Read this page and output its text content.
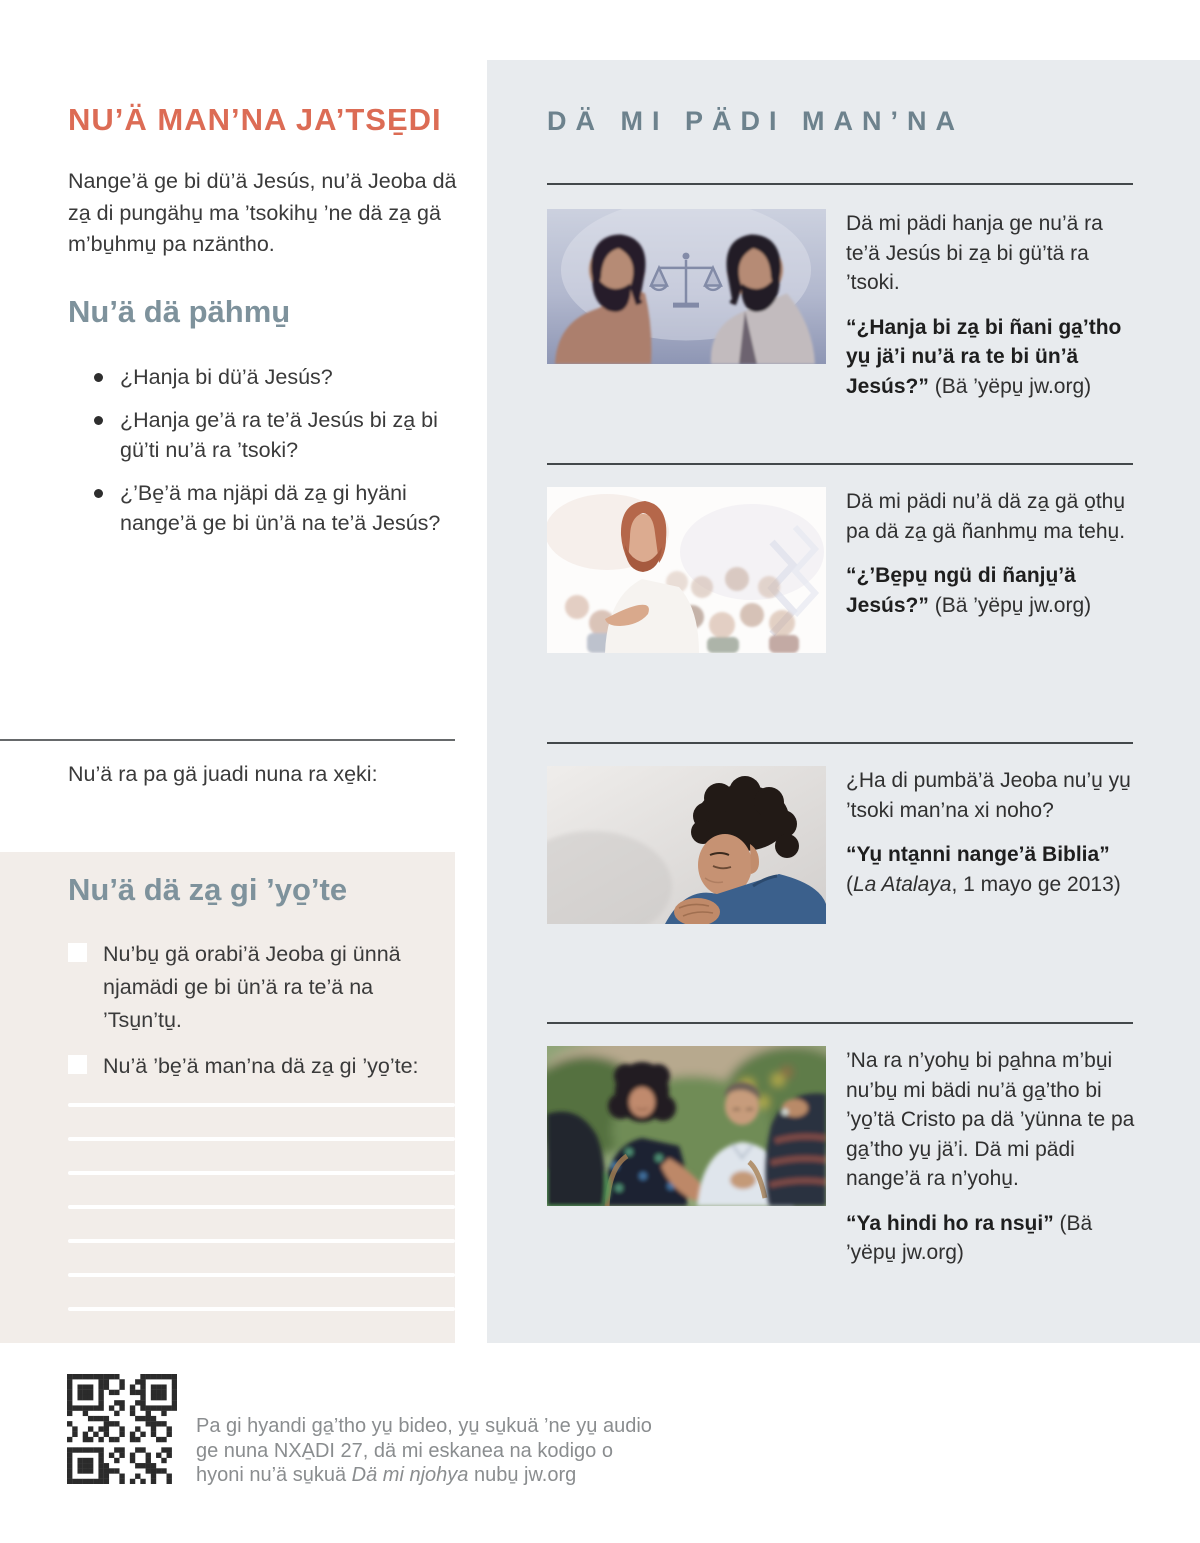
DÄ MI PÄDI MAN’NA

Dä mi pädi hanja ge nu’ä ra te’ä Jesús bi za̱ bi gü’tä ra ’tsoki.

“¿Hanja bi za̱ bi ñani ga̱’tho yu̱ jä’i nu’ä ra te bi ün’ä Jesús?” (Bä ’yëpu̱ jw.org)

Dä mi pädi nu’ä dä za̱ gä o̱thu̱ pa dä za̱ gä ñanhmu̱ ma tehu̱.

“¿’Be̱pu̱ ngü di ñanju̱’ä Jesús?” (Bä ’yëpu̱ jw.org)

¿Ha di pumbä’ä Jeoba nu’u̱ yu̱ ’tsoki man’na xi noho?

“Yu̱ nta̱nni nange’ä Biblia” (La Atalaya, 1 mayo ge 2013)

’Na ra n’yohu̱ bi pa̱hna m’bu̱i nu’bu̱ mi bädi nu’ä ga̱’tho bi ’yo̱’tä Cristo pa dä ’yünna te pa ga̱’tho yu̱ jä’i. Dä mi pädi nange’ä ra n’yohu̱.

“Ya hindi ho ra nsu̱i” (Bä ’yëpu̱ jw.org)

NU’Ä MAN’NA JA’TSE̱DI

Nange’ä ge bi dü’ä Jesús, nu’ä Jeoba dä za̱ di pungähu̱ ma ’tsokihu̱ ’ne dä za̱ gä m’bu̱hmu̱ pa nzäntho.

Nu’ä dä pähmu̱
¿Hanja bi dü’ä Jesús?
¿Hanja ge’ä ra te’ä Jesús bi za̱ bi gü’ti nu’ä ra ’tsoki?
¿’Be̱’ä ma njäpi dä za̱ gi hyäni nange’ä ge bi ün’ä na te’ä Jesús?

Nu’ä ra pa gä juadi nuna ra xe̱ki:

Nu’ä dä za̱ gi ’yo̱’te

Nu’bu̱ gä orabi’ä Jeoba gi ünnä njamädi ge bi ün’ä ra te’ä na ’Tsu̱n’tu̱.

Nu’ä ’be̱’ä man’na dä za̱ gi ’yo̱’te:

Pa gi hyandi ga̱’tho yu̱ bideo, yu̱ su̱kuä ’ne yu̱ audio ge nuna NXA̱DI 27, dä mi eskanea na kodigo o hyoni nu’ä su̱kuä Dä mi njohya nubu̱ jw.org
